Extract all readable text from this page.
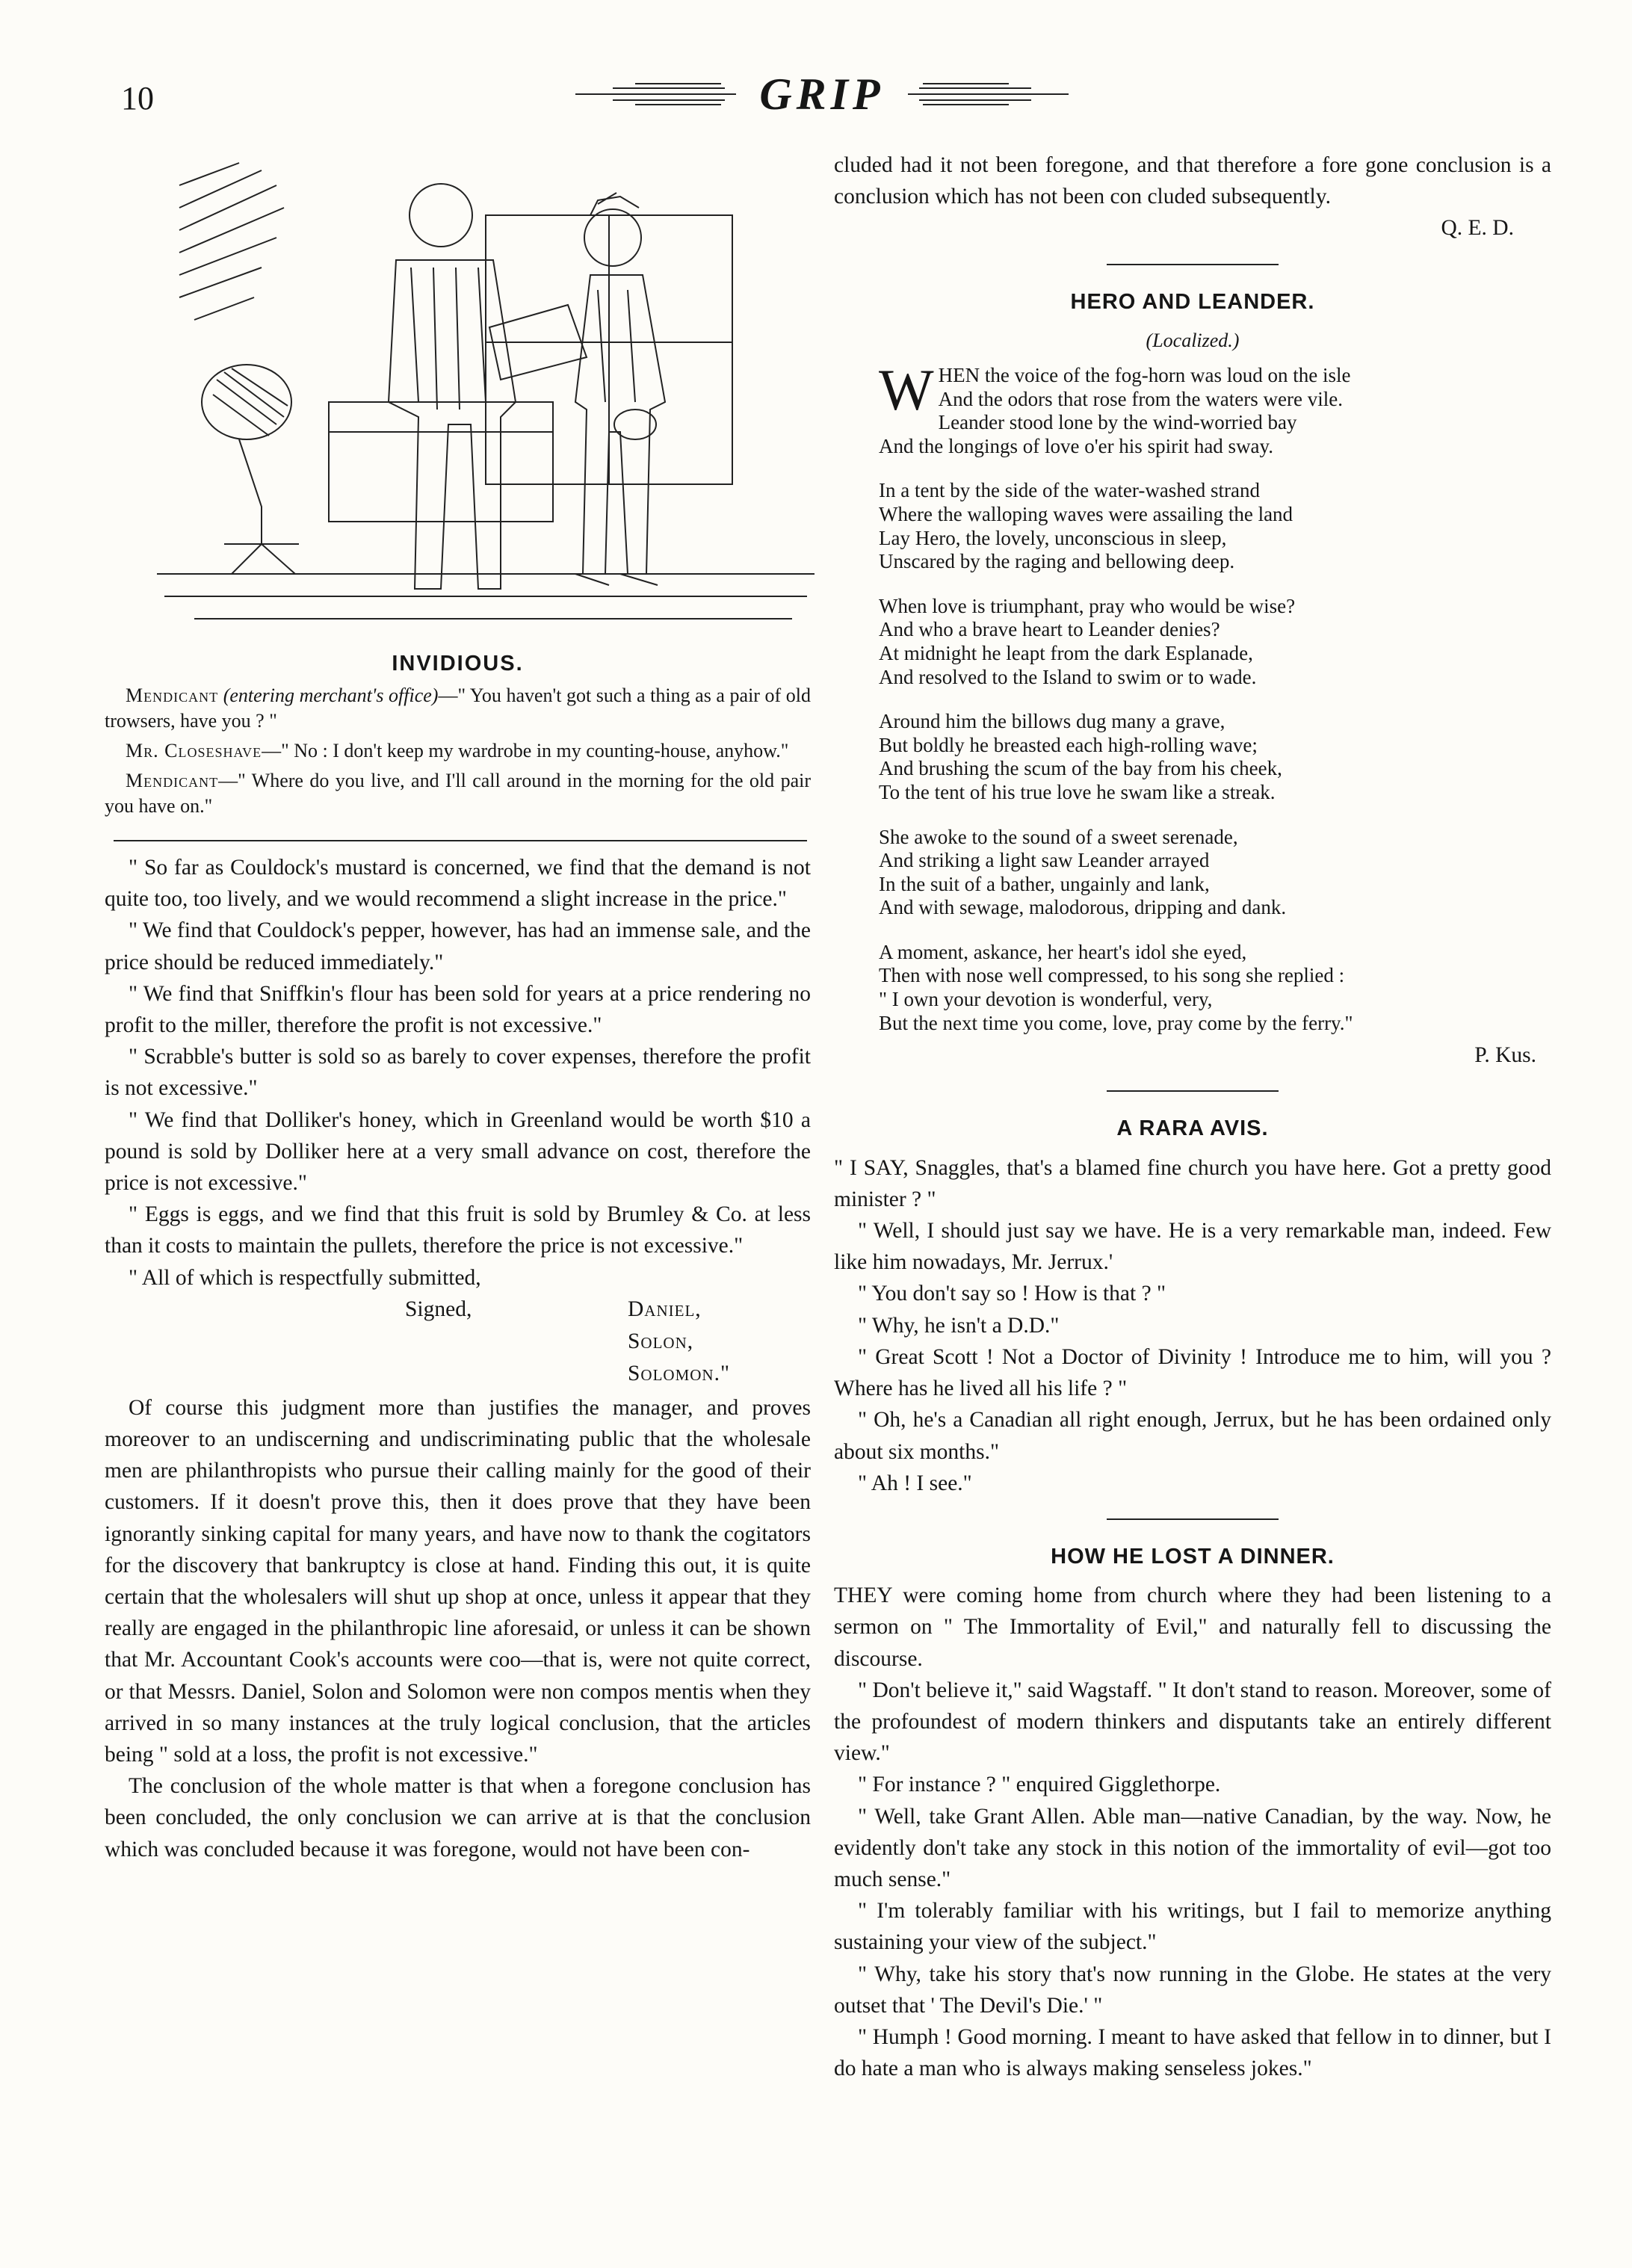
10	GRIP
INVIDIOUS.

Mendicant (entering merchant's office)—" You haven't got such a thing as a pair of old trowsers, have you ? "

Mr. Closeshave—" No : I don't keep my wardrobe in my counting-house, anyhow."

Mendicant—" Where do you live, and I'll call around in the morning for the old pair you have on."

" So far as Couldock's mustard is concerned, we find that the demand is not quite too, too lively, and we would recommend a slight increase in the price."

" We find that Couldock's pepper, however, has had an immense sale, and the price should be reduced immediately."

" We find that Sniffkin's flour has been sold for years at a price rendering no profit to the miller, therefore the profit is not excessive."

" Scrabble's butter is sold so as barely to cover expenses, therefore the profit is not excessive."

" We find that Dolliker's honey, which in Greenland would be worth $10 a pound is sold by Dolliker here at a very small advance on cost, therefore the price is not excessive."

" Eggs is eggs, and we find that this fruit is sold by Brumley & Co. at less than it costs to maintain the pullets, therefore the price is not excessive."

" All of which is respectfully submitted,

Signed,	Daniel,
Solon,
Solomon."

Of course this judgment more than justifies the manager, and proves moreover to an undiscerning and undiscriminating public that the wholesale men are philanthropists who pursue their calling mainly for the good of their customers. If it doesn't prove this, then it does prove that they have been ignorantly sinking capital for many years, and have now to thank the cogitators for the discovery that bankruptcy is close at hand. Finding this out, it is quite certain that the wholesalers will shut up shop at once, unless it appear that they really are engaged in the philanthropic line aforesaid, or unless it can be shown that Mr. Accountant Cook's accounts were coo—that is, were not quite correct, or that Messrs. Daniel, Solon and Solomon were non compos mentis when they arrived in so many instances at the truly logical conclusion, that the articles being " sold at a loss, the profit is not excessive."

The conclusion of the whole matter is that when a foregone conclusion has been concluded, the only conclusion we can arrive at is that the conclusion which was concluded because it was foregone, would not have been con-

cluded had it not been foregone, and that therefore a fore gone conclusion is a conclusion which has not been con cluded subsequently.

Q. E. D.
HERO AND LEANDER.
(Localized.)
W HEN the voice of the fog-horn was loud on the isle
And the odors that rose from the waters were vile.
Leander stood lone by the wind-worried bay
And the longings of love o'er his spirit had sway.
In a tent by the side of the water-washed strand
Where the walloping waves were assailing the land
Lay Hero, the lovely, unconscious in sleep,
Unscared by the raging and bellowing deep.
When love is triumphant, pray who would be wise?
And who a brave heart to Leander denies?
At midnight he leapt from the dark Esplanade,
And resolved to the Island to swim or to wade.
Around him the billows dug many a grave,
But boldly he breasted each high-rolling wave;
And brushing the scum of the bay from his cheek,
To the tent of his true love he swam like a streak.
She awoke to the sound of a sweet serenade,
And striking a light saw Leander arrayed
In the suit of a bather, ungainly and lank,
And with sewage, malodorous, dripping and dank.
A moment, askance, her heart's idol she eyed,
Then with nose well compressed, to his song she replied :
" I own your devotion is wonderful, very,
But the next time you come, love, pray come by the ferry."
P. Kus.
A RARA AVIS.

" I SAY, Snaggles, that's a blamed fine church you have here. Got a pretty good minister ? "

" Well, I should just say we have. He is a very remarkable man, indeed. Few like him nowadays, Mr. Jerrux.'

" You don't say so ! How is that ? "

" Why, he isn't a D.D."

" Great Scott ! Not a Doctor of Divinity ! Introduce me to him, will you ? Where has he lived all his life ? "

" Oh, he's a Canadian all right enough, Jerrux, but he has been ordained only about six months."

" Ah ! I see."

HOW HE LOST A DINNER.

THEY were coming home from church where they had been listening to a sermon on " The Immortality of Evil," and naturally fell to discussing the discourse.

" Don't believe it," said Wagstaff. " It don't stand to reason. Moreover, some of the profoundest of modern thinkers and disputants take an entirely different view."

" For instance ? " enquired Gigglethorpe.

" Well, take Grant Allen. Able man—native Canadian, by the way. Now, he evidently don't take any stock in this notion of the immortality of evil—got too much sense."

" I'm tolerably familiar with his writings, but I fail to memorize anything sustaining your view of the subject."

" Why, take his story that's now running in the Globe. He states at the very outset that ' The Devil's Die.' "

" Humph ! Good morning. I meant to have asked that fellow in to dinner, but I do hate a man who is always making senseless jokes."
